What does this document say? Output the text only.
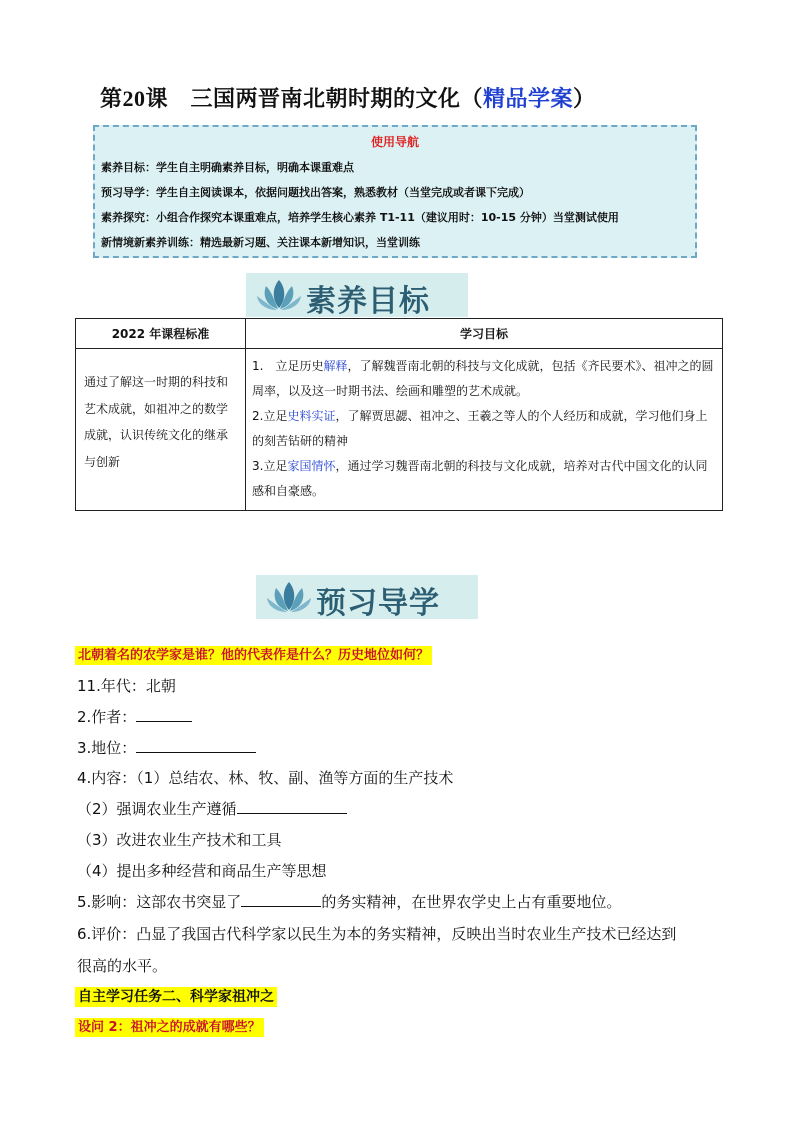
第20课　三国两晋南北朝时期的文化（精品学案）
使用导航
素养目标：学生自主明确素养目标，明确本课重难点
预习导学：学生自主阅读课本，依据问题找出答案，熟悉教材（当堂完成或者课下完成）
素养探究：小组合作探究本课重难点，培养学生核心素养 T1-11（建议用时：10-15 分钟）当堂测试使用
新情境新素养训练：精选最新习题、关注课本新增知识，当堂训练
素养目标
2022 年课程标准	学习目标
通过了解这一时期的科技和艺术成就，如祖冲之的数学成就，认识传统文化的继承与创新	1.　立足历史解释，了解魏晋南北朝的科技与文化成就，包括《齐民要术》、祖冲之的圆周率，以及这一时期书法、绘画和雕塑的艺术成就。
2.立足史料实证，了解贾思勰、祖冲之、王羲之等人的个人经历和成就，学习他们身上的刻苦钻研的精神
3.立足家国情怀，通过学习魏晋南北朝的科技与文化成就，培养对古代中国文化的认同感和自豪感。
预习导学
北朝着名的农学家是谁？他的代表作是什么？历史地位如何？
11.年代：北朝
2.作者：
3.地位：
4.内容：（1）总结农、林、牧、副、渔等方面的生产技术
（2）强调农业生产遵循
（3）改进农业生产技术和工具
（4）提出多种经营和商品生产等思想
5.影响：这部农书突显了	的务实精神，在世界农学史上占有重要地位。
6.评价：凸显了我国古代科学家以民生为本的务实精神，反映出当时农业生产技术已经达到
很高的水平。
自主学习任务二、科学家祖冲之
设问 2：祖冲之的成就有哪些？
